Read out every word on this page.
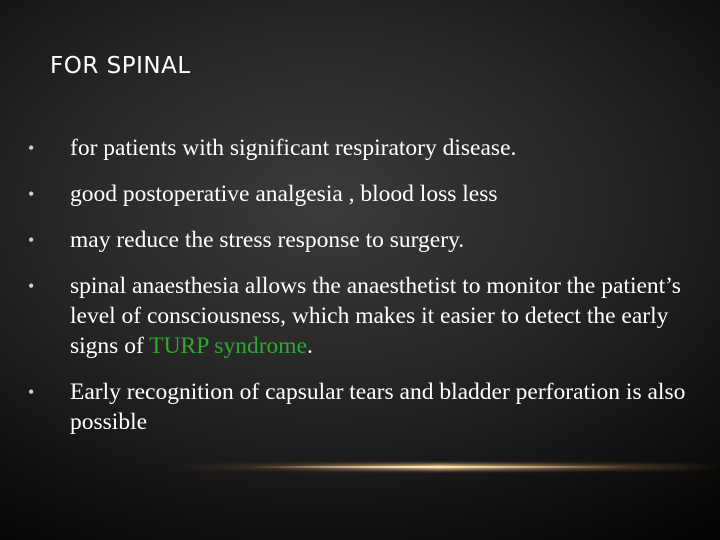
FOR SPINAL
•	for patients with significant respiratory disease.
•	good postoperative analgesia , blood loss less
•	may reduce the stress response to surgery.
•	spinal anaesthesia allows the anaesthetist to monitor the patient’s level of consciousness, which makes it easier to detect the early signs of TURP syndrome.
•	Early recognition of capsular tears and bladder perforation is also possible
